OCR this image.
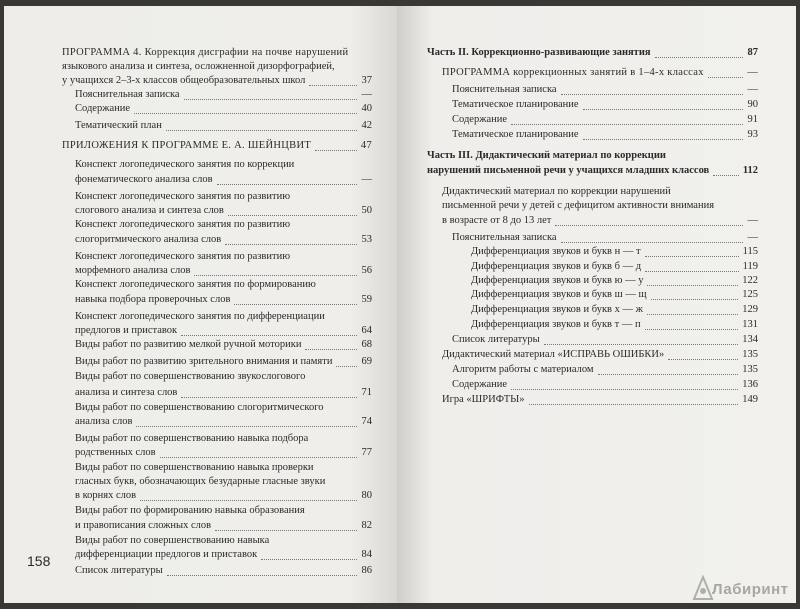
ПРОГРАММА 4. Коррекция дисграфии на почве нарушений
языкового анализа и синтеза, осложненной дизорфографией,
у учащихся 2–3-х классов общеобразовательных школ	37
Пояснительная записка	—
Содержание	40
Тематический план	42
ПРИЛОЖЕНИЯ К ПРОГРАММЕ Е. А. ШЕЙНЦВИТ	47
Конспект логопедического занятия по коррекции
фонематического анализа слов	—
Конспект логопедического занятия по развитию
слогового анализа и синтеза слов	50
Конспект логопедического занятия по развитию
слогоритмического анализа слов	53
Конспект логопедического занятия по развитию
морфемного анализа слов	56
Конспект логопедического занятия по формированию
навыка подбора проверочных слов	59
Конспект логопедического занятия по дифференциации
предлогов и приставок	64
Виды работ по развитию мелкой ручной моторики	68
Виды работ по развитию зрительного внимания и памяти	69
Виды работ по совершенствованию звукослогового
анализа и синтеза слов	71
Виды работ по совершенствованию слогоритмического
анализа слов	74
Виды работ по совершенствованию навыка подбора
родственных слов	77
Виды работ по совершенствованию навыка проверки
гласных букв, обозначающих безударные гласные звуки
в корнях слов	80
Виды работ по формированию навыка образования
и правописания сложных слов	82
Виды работ по совершенствованию навыка
дифференциации предлогов и приставок	84
Список литературы	86
Часть II. Коррекционно-развивающие занятия	87
ПРОГРАММА коррекционных занятий в 1–4-х классах	—
Пояснительная записка	—
Тематическое планирование	90
Содержание	91
Тематическое планирование	93
Часть III. Дидактический материал по коррекции
нарушений письменной речи у учащихся младших классов	112
Дидактический материал по коррекции нарушений
письменной речи у детей с дефицитом активности внимания
в возрасте от 8 до 13 лет	—
Пояснительная записка	—
Дифференциация звуков и букв н — т	115
Дифференциация звуков и букв б — д	119
Дифференциация звуков и букв ю — у	122
Дифференциация звуков и букв ш — щ	125
Дифференциация звуков и букв х — ж	129
Дифференциация звуков и букв т — п	131
Список литературы	134
Дидактический материал «ИСПРАВЬ ОШИБКИ»	135
Алгоритм работы с материалом	135
Содержание	136
Игра «ШРИФТЫ»	149
158
Лабиринт
